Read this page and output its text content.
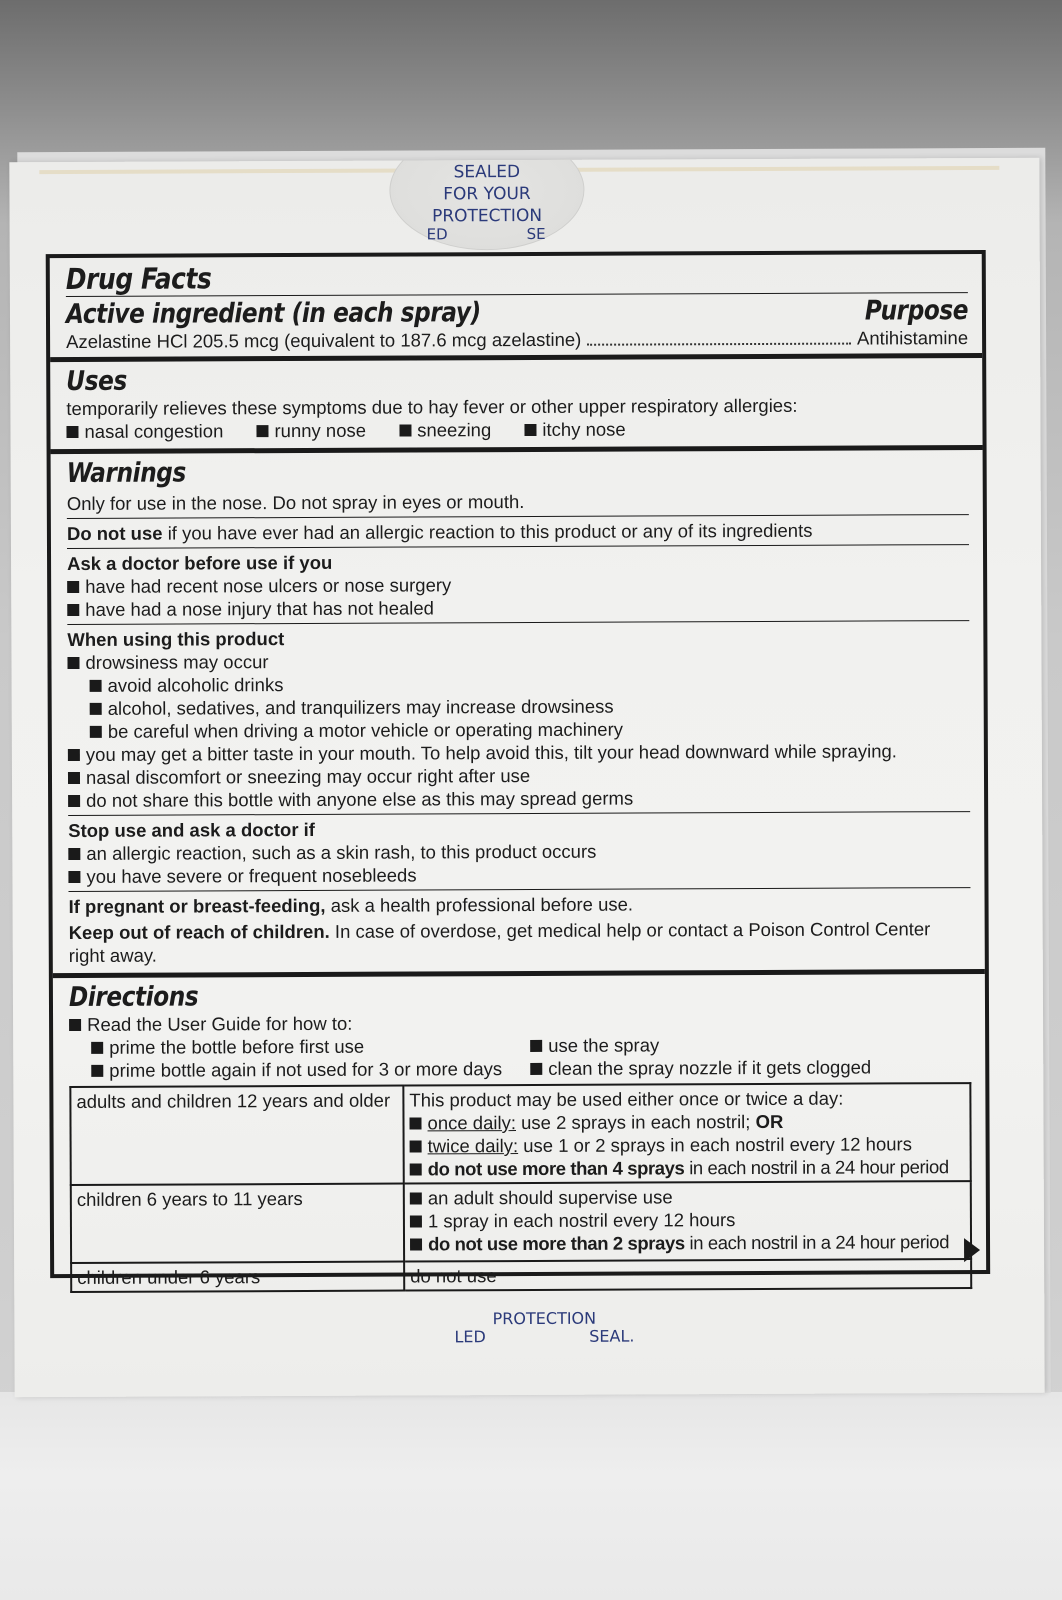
SEALED
FOR YOUR
PROTECTION
ED	SE
Drug Facts
Active ingredient (in each spray)	Purpose
Azelastine HCl 205.5 mcg (equivalent to 187.6 mcg azelastine)	Antihistamine
Uses
temporarily relieves these symptoms due to hay fever or other upper respiratory allergies:
nasal congestion	runny nose	sneezing	itchy nose
Warnings
Only for use in the nose. Do not spray in eyes or mouth.
Do not use if you have ever had an allergic reaction to this product or any of its ingredients
Ask a doctor before use if you
have had recent nose ulcers or nose surgery
have had a nose injury that has not healed
When using this product
drowsiness may occur
avoid alcoholic drinks
alcohol, sedatives, and tranquilizers may increase drowsiness
be careful when driving a motor vehicle or operating machinery
you may get a bitter taste in your mouth. To help avoid this, tilt your head downward while spraying.
nasal discomfort or sneezing may occur right after use
do not share this bottle with anyone else as this may spread germs
Stop use and ask a doctor if
an allergic reaction, such as a skin rash, to this product occurs
you have severe or frequent nosebleeds
If pregnant or breast-feeding, ask a health professional before use.
Keep out of reach of children. In case of overdose, get medical help or contact a Poison Control Center right away.
Directions
Read the User Guide for how to:
prime the bottle before first use
prime bottle again if not used for 3 or more days
use the spray
clean the spray nozzle if it gets clogged
adults and children 12 years and older	This product may be used either once or twice a day:
once daily: use 2 sprays in each nostril; OR
twice daily: use 1 or 2 sprays in each nostril every 12 hours
do not use more than 4 sprays in each nostril in a 24 hour period

children 6 years to 11 years	an adult should supervise use
1 spray in each nostril every 12 hours
do not use more than 2 sprays in each nostril in a 24 hour period

children under 6 years	do not use
PROTECTION
LED	SEAL.
